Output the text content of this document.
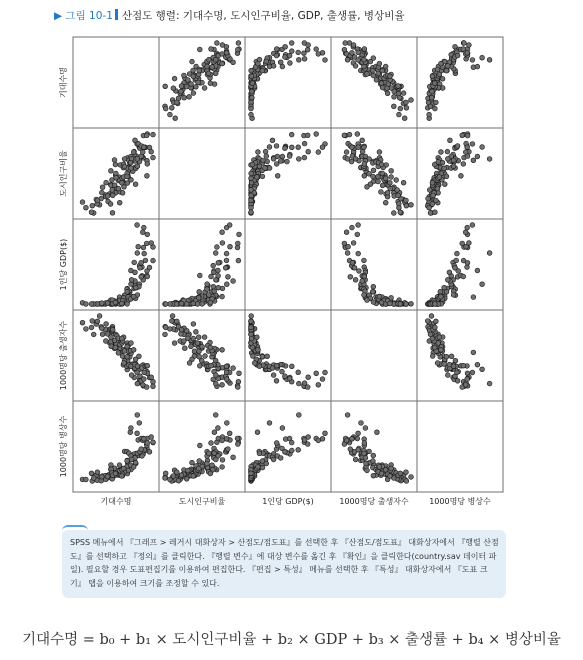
▶ 그림 10-1 산점도 행렬: 기대수명, 도시인구비율, GDP, 출생률, 병상비율
기대수명
도시인구비율
1인당 GDP($)
1000명당 출생자수
1000명당 병상수
기대수명	도시인구비율	1인당 GDP($)	1000명당 출생자수	1000명당 병상수
SPSS 메뉴에서 『그래프 > 레거시 대화상자 > 산점도/점도표』를 선택한 후 『산점도/점도표』 대화상자에서 『행렬 산점도』를 선택하고 『정의』를 클릭한다. 『행렬 변수』에 대상 변수를 옮긴 후 『확인』을 클릭한다(country.sav 데이터 파일). 필요할 경우 도표편집기를 이용하여 편집한다. 『편집 > 특성』 메뉴를 선택한 후 『특성』 대화상자에서 『도표 크기』 탭을 이용하여 크기를 조정할 수 있다.
기대수명 = b₀ + b₁ × 도시인구비율 + b₂ × GDP + b₃ × 출생률 + b₄ × 병상비율
